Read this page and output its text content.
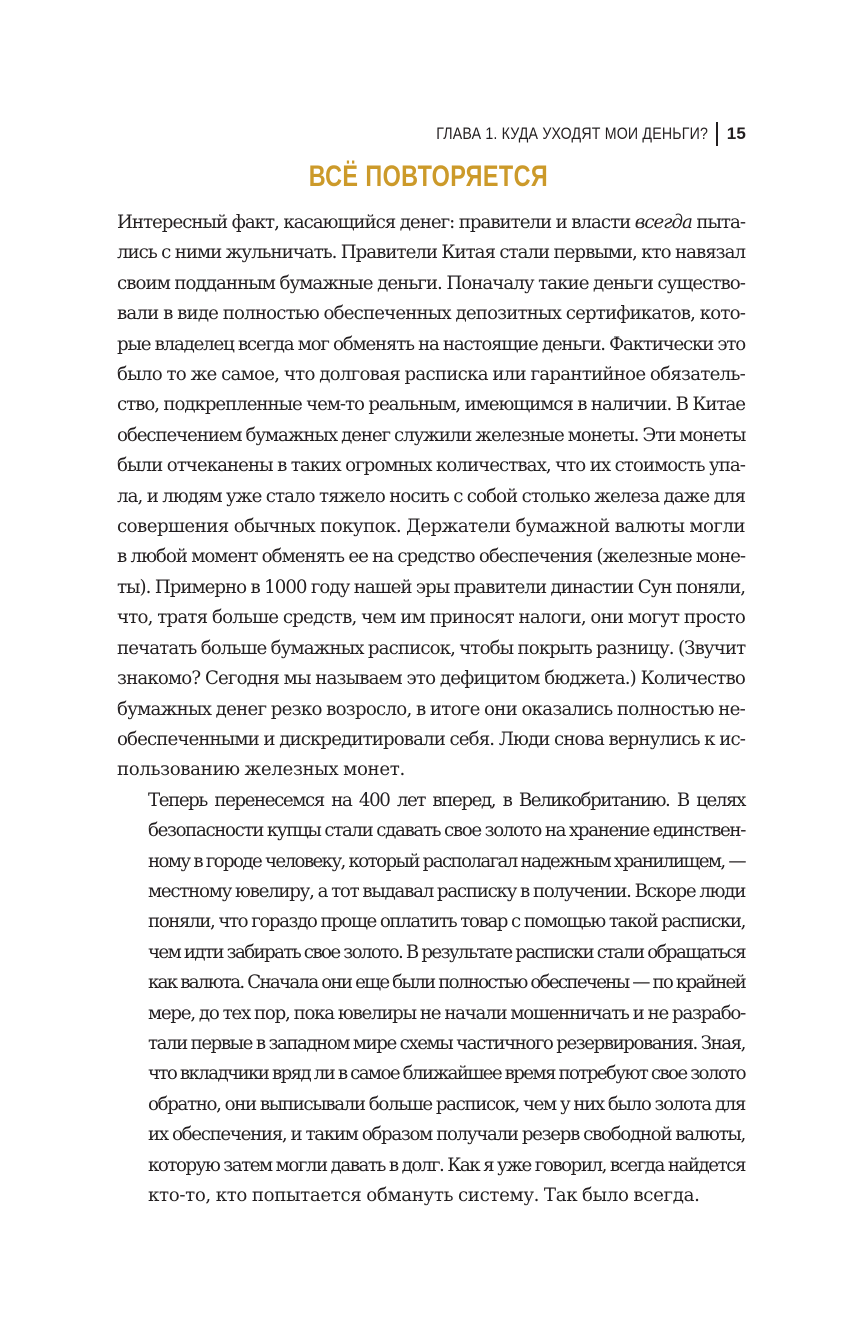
ГЛАВА 1. КУДА УХОДЯТ МОИ ДЕНЬГИ? 15
ВСЁ ПОВТОРЯЕТСЯ
Интересный факт, касающийся денег: правители и власти всегда пыта-
лись с ними жульничать. Правители Китая стали первыми, кто навязал
своим подданным бумажные деньги. Поначалу такие деньги существо-
вали в виде полностью обеспеченных депозитных сертификатов, кото-
рые владелец всегда мог обменять на настоящие деньги. Фактически это
было то же самое, что долговая расписка или гарантийное обязатель-
ство, подкрепленные чем-то реальным, имеющимся в наличии. В Китае
обеспечением бумажных денег служили железные монеты. Эти монеты
были отчеканены в таких огромных количествах, что их стоимость упа-
ла, и людям уже стало тяжело носить с собой столько железа даже для
совершения обычных покупок. Держатели бумажной валюты могли
в любой момент обменять ее на средство обеспечения (железные моне-
ты). Примерно в 1000 году нашей эры правители династии Сун поняли,
что, тратя больше средств, чем им приносят налоги, они могут просто
печатать больше бумажных расписок, чтобы покрыть разницу. (Звучит
знакомо? Сегодня мы называем это дефицитом бюджета.) Количество
бумажных денег резко возросло, в итоге они оказались полностью не-
обеспеченными и дискредитировали себя. Люди снова вернулись к ис-
пользованию железных монет.
Теперь перенесемся на 400 лет вперед, в Великобританию. В целях
безопасности купцы стали сдавать свое золото на хранение единствен-
ному в городе человеку, который располагал надежным хранилищем, —
местному ювелиру, а тот выдавал расписку в получении. Вскоре люди
поняли, что гораздо проще оплатить товар с помощью такой расписки,
чем идти забирать свое золото. В результате расписки стали обращаться
как валюта. Сначала они еще были полностью обеспечены — по крайней
мере, до тех пор, пока ювелиры не начали мошенничать и не разрабо-
тали первые в западном мире схемы частичного резервирования. Зная,
что вкладчики вряд ли в самое ближайшее время потребуют свое золото
обратно, они выписывали больше расписок, чем у них было золота для
их обеспечения, и таким образом получали резерв свободной валюты,
которую затем могли давать в долг. Как я уже говорил, всегда найдется
кто-то, кто попытается обмануть систему. Так было всегда.
